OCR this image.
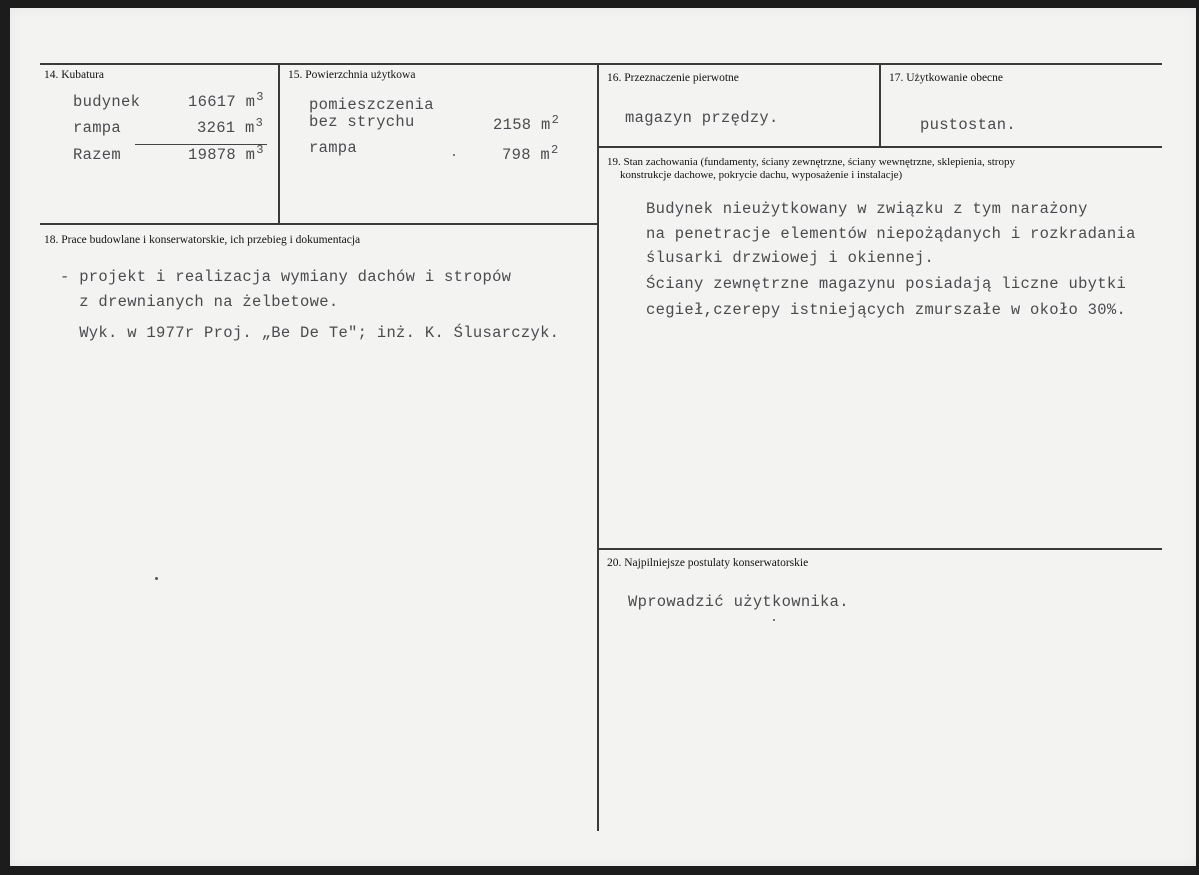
14. Kubatura
budynek	16617 $m^3$
rampa	3261 $m^3$
Razem	19878 $m^3$
15. Powierzchnia użytkowa
pomieszczenia
bez strychu	2158 $m^2$
rampa	798 $m^2$
16. Przeznaczenie pierwotne
magazyn przędzy.
17. Użytkowanie obecne
pustostan.
19. Stan zachowania (fundamenty, ściany zewnętrzne, ściany wewnętrzne, sklepienia, stropy
konstrukcje dachowe, pokrycie dachu, wyposażenie i instalacje)
Budynek nieużytkowany w związku z tym narażony
na penetracje elementów niepożądanych i rozkradania
ślusarki drzwiowej i okiennej.
Ściany zewnętrzne magazynu posiadają liczne ubytki
cegieł,czerepy istniejących zmurszałe w około 30%.
18. Prace budowlane i konserwatorskie, ich przebieg i dokumentacja
- projekt i realizacja wymiany dachów i stropów
z drewnianych na żelbetowe.
Wyk. w 1977r Proj. „Be De Te"; inż. K. Ślusarczyk.
20. Najpilniejsze postulaty konserwatorskie
Wprowadzić użytkownika.
